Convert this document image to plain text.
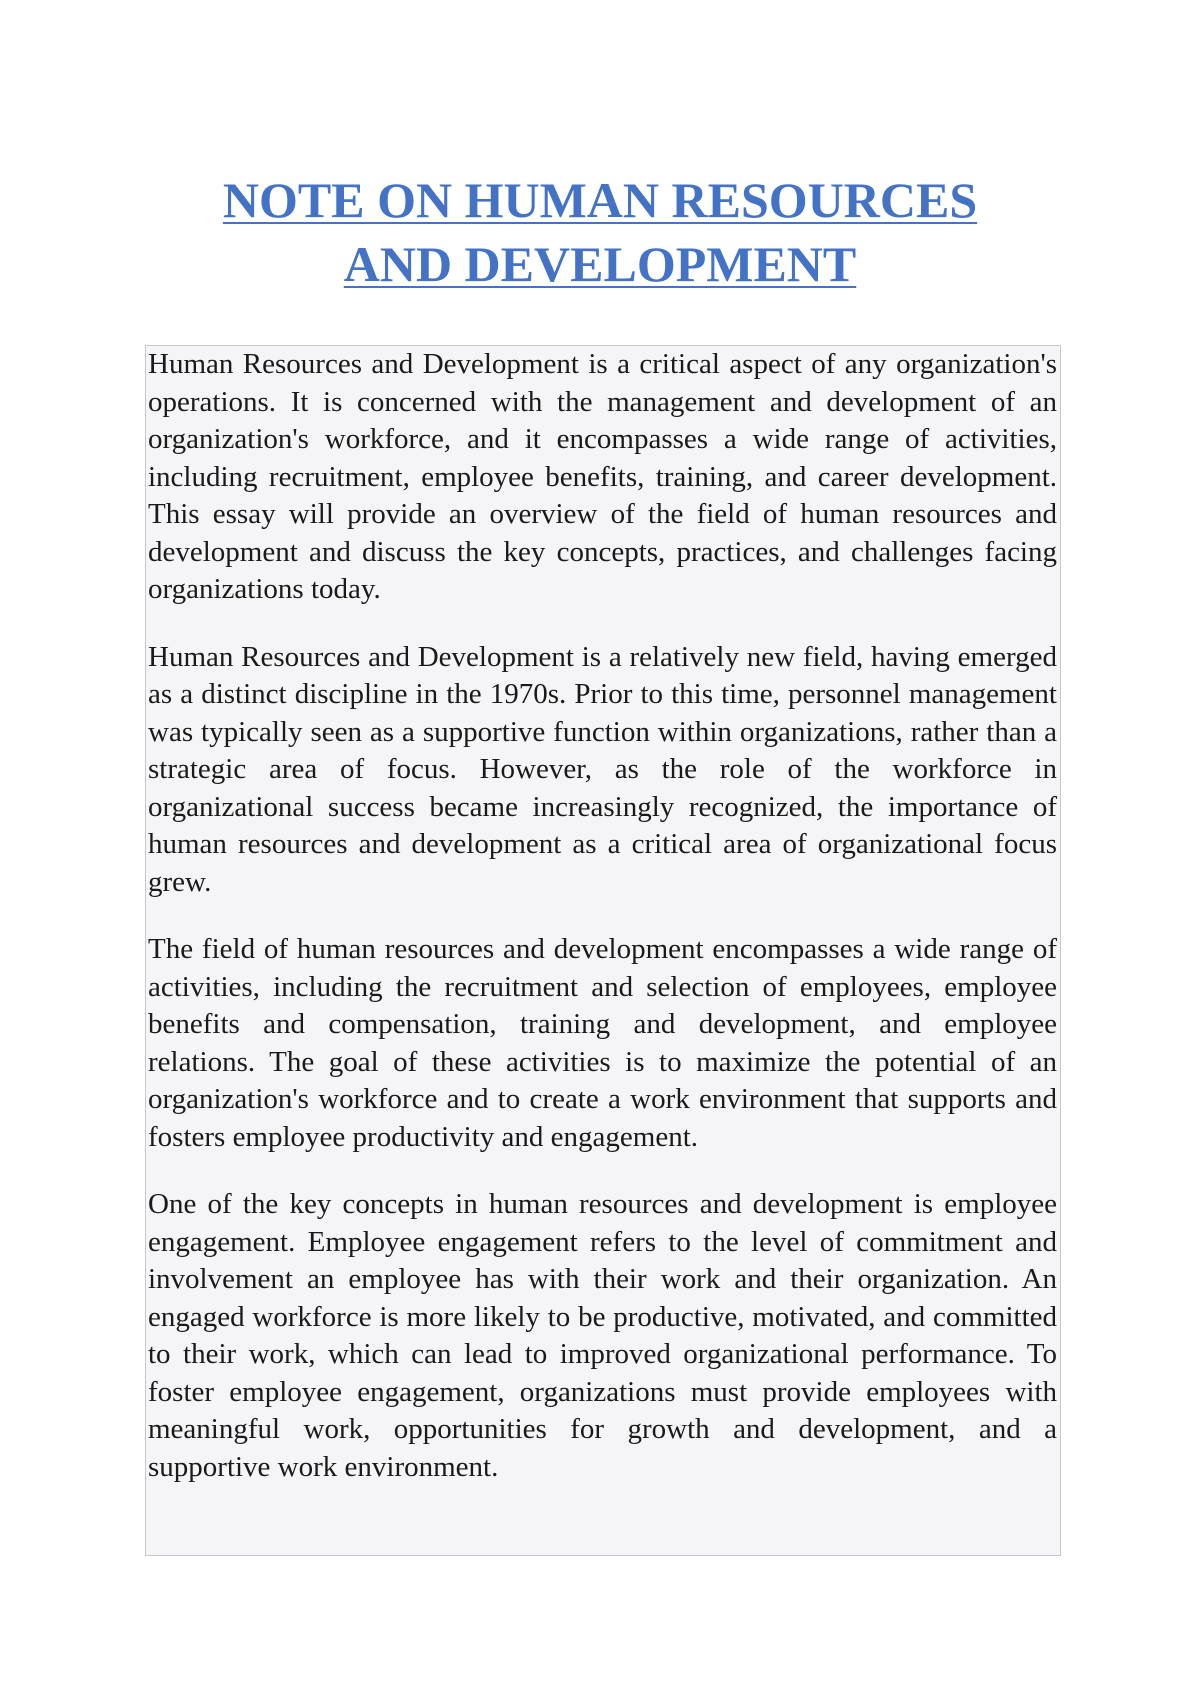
NOTE ON HUMAN RESOURCES
AND DEVELOPMENT

Human Resources and Development is a critical aspect of any organization's operations. It is concerned with the management and development of an organization's workforce, and it encompasses a wide range of activities, including recruitment, employee benefits, training, and career development. This essay will provide an overview of the field of human resources and development and discuss the key concepts, practices, and challenges facing organizations today.

Human Resources and Development is a relatively new field, having emerged as a distinct discipline in the 1970s. Prior to this time, personnel management was typically seen as a supportive function within organizations, rather than a strategic area of focus. However, as the role of the workforce in organizational success became increasingly recognized, the importance of human resources and development as a critical area of organizational focus grew.

The field of human resources and development encompasses a wide range of activities, including the recruitment and selection of employees, employee benefits and compensation, training and development, and employee relations. The goal of these activities is to maximize the potential of an organization's workforce and to create a work environment that supports and fosters employee productivity and engagement.

One of the key concepts in human resources and development is employee engagement. Employee engagement refers to the level of commitment and involvement an employee has with their work and their organization. An engaged workforce is more likely to be productive, motivated, and committed to their work, which can lead to improved organizational performance. To foster employee engagement, organizations must provide employees with meaningful work, opportunities for growth and development, and a supportive work environment.
